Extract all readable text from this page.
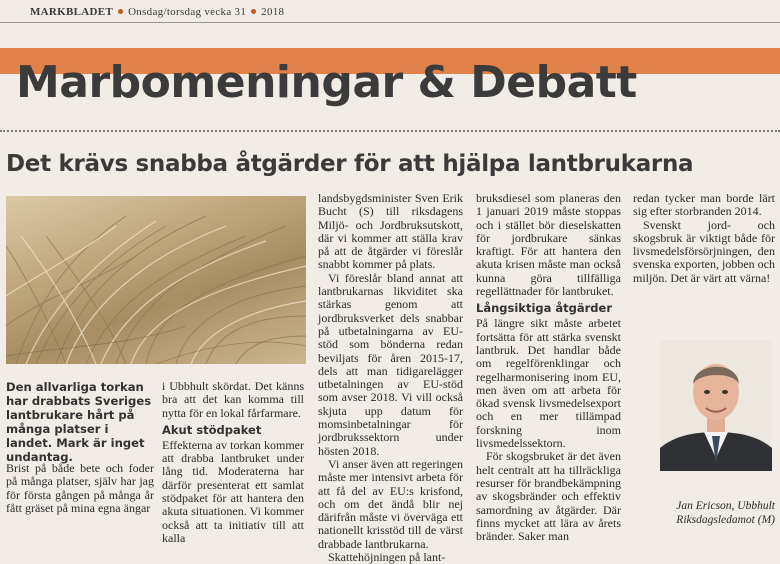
MARKBLADET Onsdag/torsdag vecka 31 2018
Marbomeningar & Debatt
Det krävs snabba åtgärder för att hjälpa lantbrukarna
Den allvarliga torkan har drabbats Sveriges lantbrukare hårt på många platser i landet. Mark är inget undantag.

Brist på både bete och foder på många platser, själv har jag för första gången på många år fått gräset på mina egna ängar

i Ubbhult skördat. Det känns bra att det kan komma till nytta för en lokal fårfarmare.

Akut stödpaket

Effekterna av torkan kommer att drabba lantbruket under lång tid. Moderaterna har därför presenterat ett samlat stödpaket för att hantera den akuta situationen. Vi kommer också att ta initiativ till att kalla

landsbygdsminister Sven Erik Bucht (S) till riksdagens Miljö- och Jordbruksutskott, där vi kommer att ställa krav på att de åtgärder vi föreslår snabbt kommer på plats.

Vi föreslår bland annat att lantbrukarnas likviditet ska stärkas genom att jordbruksverket dels snabbar på utbetalningarna av EU-stöd som bönderna redan beviljats för åren 2015-17, dels att man tidigarelägger utbetalningen av EU-stöd som avser 2018. Vi vill också skjuta upp datum för momsinbetalningar för jordbrukssektorn under hösten 2018.

Vi anser även att regeringen måste mer intensivt arbeta för att få del av EU:s krisfond, och om det ändå blir nej därifrån måste vi överväga ett nationellt krisstöd till de värst drabbade lantbrukarna.

Skattehöjningen på lant-

bruksdiesel som planeras den 1 januari 2019 måste stoppas och i stället bör dieselskatten för jordbrukare sänkas kraftigt. För att hantera den akuta krisen måste man också kunna göra tillfälliga regellättnader för lantbruket.

Långsiktiga åtgärder

På längre sikt måste arbetet fortsätta för att stärka svenskt lantbruk. Det handlar både om regelförenklingar och regelharmonisering inom EU, men även om att arbeta för ökad svensk livsmedelsexport och en mer tillämpad forskning inom livsmedelssektorn.

För skogsbruket är det även helt centralt att ha tillräckliga resurser för brandbekämpning av skogsbränder och effektiv samordning av åtgärder. Där finns mycket att lära av årets bränder. Saker man

redan tycker man borde lärt sig efter storbranden 2014.

Svenskt jord- och skogsbruk är viktigt både för livsmedelsförsörjningen, den svenska exporten, jobben och miljön. Det är värt att värna!

Jan Ericson, Ubbhult
Riksdagsledamot (M)
